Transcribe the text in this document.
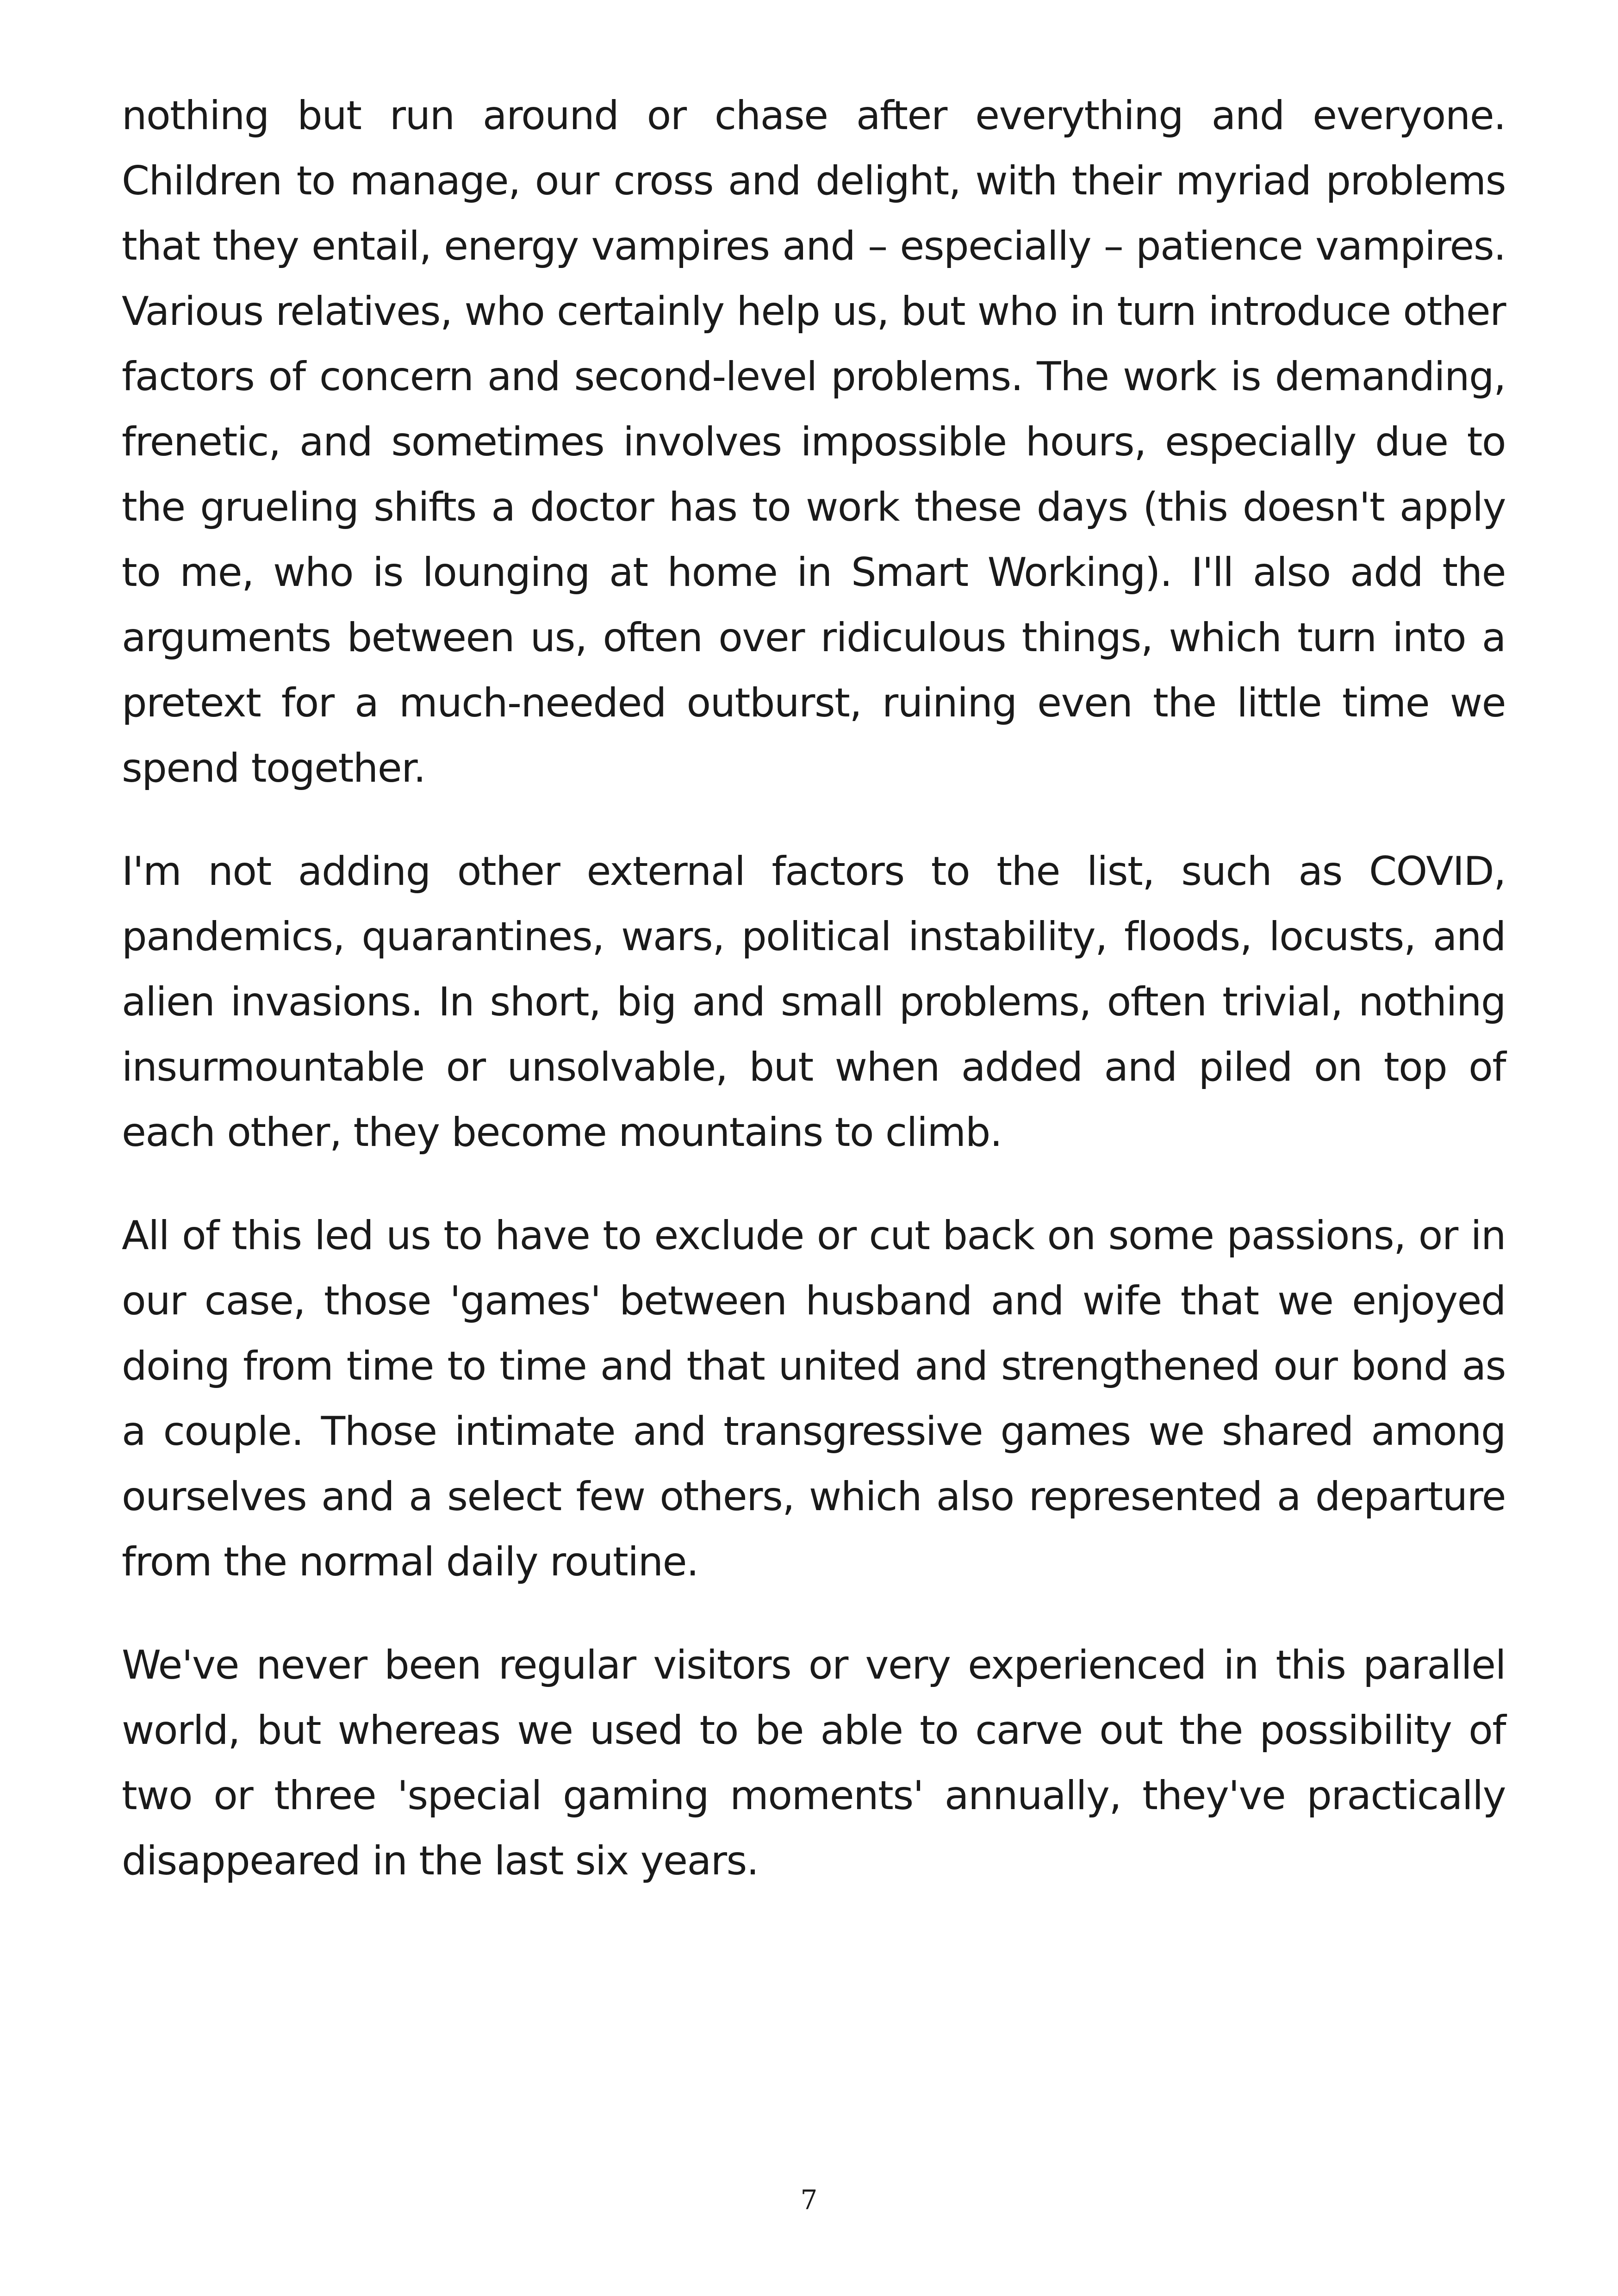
nothing but run around or chase after everything and everyone. Children to manage, our cross and delight, with their myriad problems that they entail, energy vampires and – especially – patience vampires. Various relatives, who certainly help us, but who in turn introduce other factors of concern and second-level problems. The work is demanding, frenetic, and sometimes involves impossible hours, especially due to the grueling shifts a doctor has to work these days (this doesn't apply to me, who is lounging at home in Smart Working). I'll also add the arguments between us, often over ridiculous things, which turn into a pretext for a much-needed outburst, ruining even the little time we spend together.

I'm not adding other external factors to the list, such as COVID, pandemics, quarantines, wars, political instability, floods, locusts, and alien invasions. In short, big and small problems, often trivial, nothing insurmountable or unsolvable, but when added and piled on top of each other, they become mountains to climb.

All of this led us to have to exclude or cut back on some passions, or in our case, those 'games' between husband and wife that we enjoyed doing from time to time and that united and strengthened our bond as a couple. Those intimate and transgressive games we shared among ourselves and a select few others, which also represented a departure from the normal daily routine.

We've never been regular visitors or very experienced in this parallel world, but whereas we used to be able to carve out the possibility of two or three 'special gaming moments' annually, they've practically disappeared in the last six years.

7
